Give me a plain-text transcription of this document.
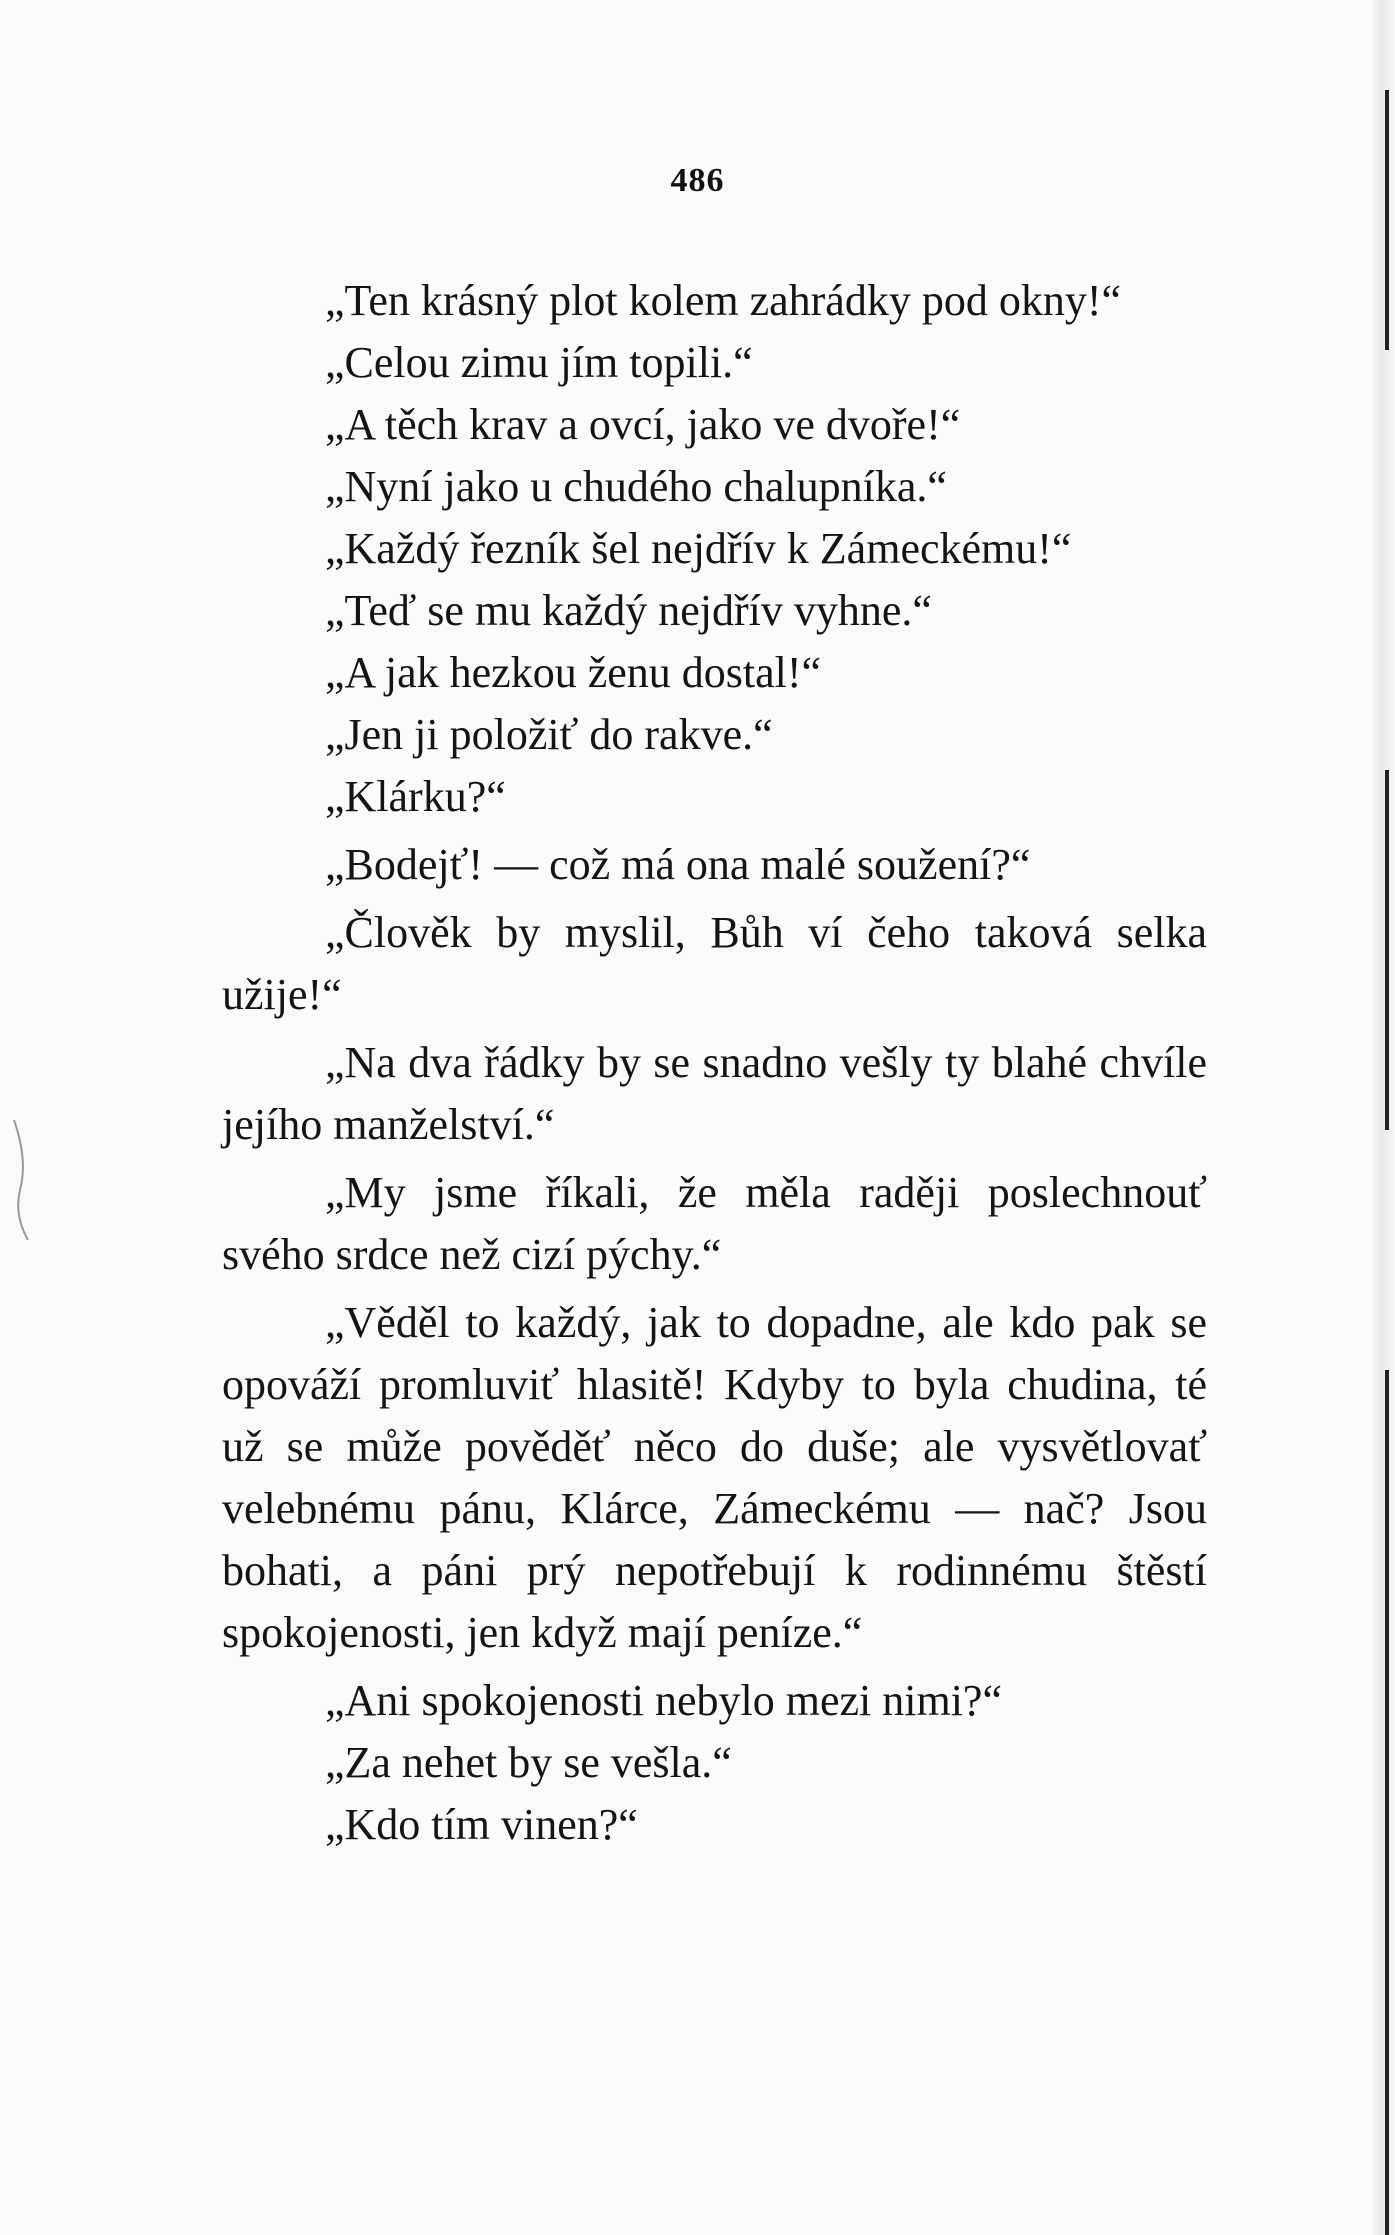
486

„Ten krásný plot kolem zahrádky pod okny!“

„Celou zimu jím topili.“

„A těch krav a ovcí, jako ve dvoře!“

„Nyní jako u chudého chalupníka.“

„Každý řezník šel nejdřív k Zámeckému!“

„Teď se mu každý nejdřív vyhne.“

„A jak hezkou ženu dostal!“

„Jen ji položiť do rakve.“

„Klárku?“

„Bodejť! — což má ona malé soužení?“

„Člověk by myslil, Bůh ví čeho taková selka užije!“

„Na dva řádky by se snadno vešly ty blahé chvíle jejího manželství.“

„My jsme říkali, že měla raději poslechnouť svého srdce než cizí pýchy.“

„Věděl to každý, jak to dopadne, ale kdo pak se opováží promluviť hlasitě! Kdyby to byla chudina, té už se může pověděť něco do duše; ale vysvětlovať velebnému pánu, Klárce, Zámeckému — nač? Jsou bohati, a páni prý nepotřebují k rodinnému štěstí spokojenosti, jen když mají peníze.“

„Ani spokojenosti nebylo mezi nimi?“

„Za nehet by se vešla.“

„Kdo tím vinen?“
